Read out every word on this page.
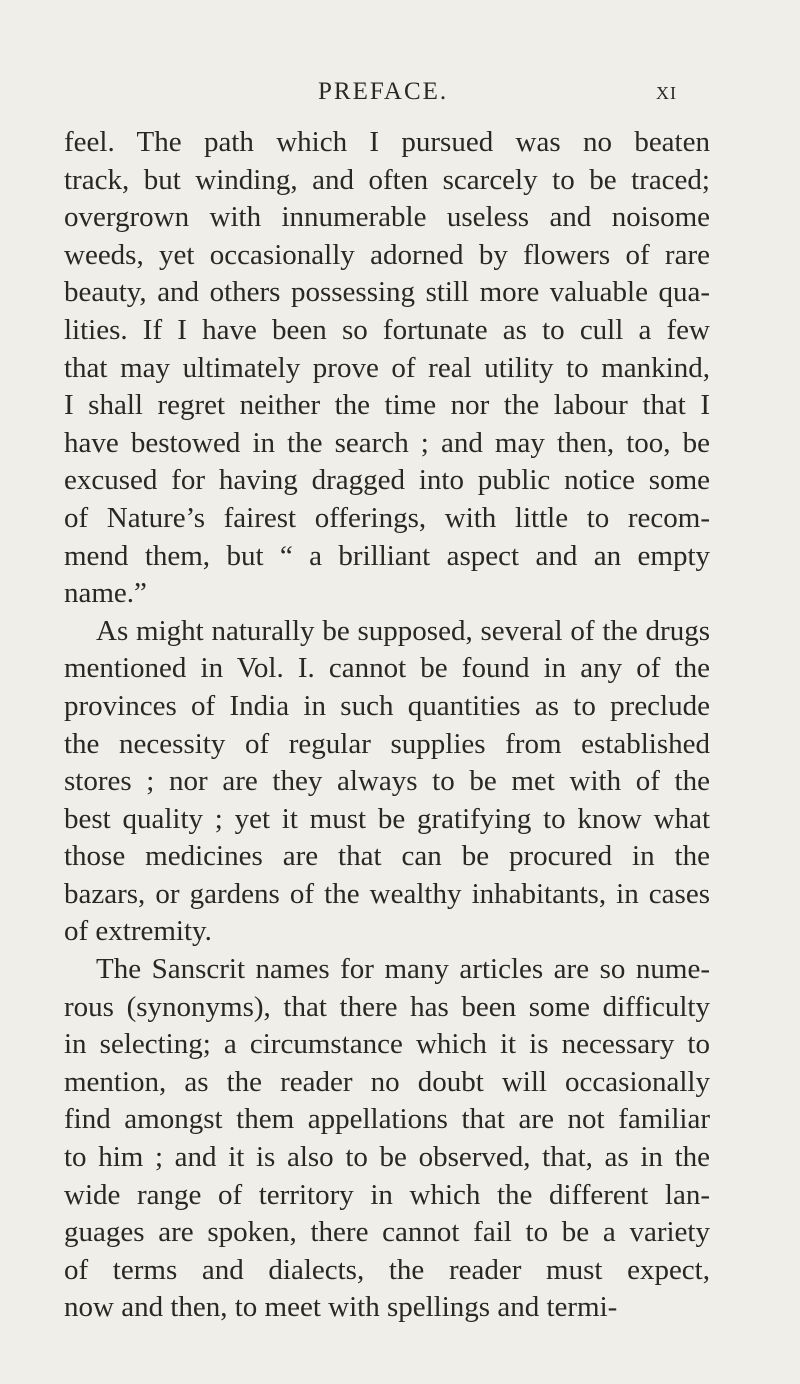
PREFACE.	xi
feel. The path which I pursued was no beaten
track, but winding, and often scarcely to be traced;
overgrown with innumerable useless and noisome
weeds, yet occasionally adorned by flowers of rare
beauty, and others possessing still more valuable qua-
lities. If I have been so fortunate as to cull a few
that may ultimately prove of real utility to mankind,
I shall regret neither the time nor the labour that I
have bestowed in the search ; and may then, too, be
excused for having dragged into public notice some
of Nature’s fairest offerings, with little to recom-
mend them, but “ a brilliant aspect and an empty
name.”
As might naturally be supposed, several of the drugs
mentioned in Vol. I. cannot be found in any of the
provinces of India in such quantities as to preclude
the necessity of regular supplies from established
stores ; nor are they always to be met with of the
best quality ; yet it must be gratifying to know what
those medicines are that can be procured in the
bazars, or gardens of the wealthy inhabitants, in cases
of extremity.
The Sanscrit names for many articles are so nume-
rous (synonyms), that there has been some difficulty
in selecting; a circumstance which it is necessary to
mention, as the reader no doubt will occasionally
find amongst them appellations that are not familiar
to him ; and it is also to be observed, that, as in the
wide range of territory in which the different lan-
guages are spoken, there cannot fail to be a variety
of terms and dialects, the reader must expect,
now and then, to meet with spellings and termi-
